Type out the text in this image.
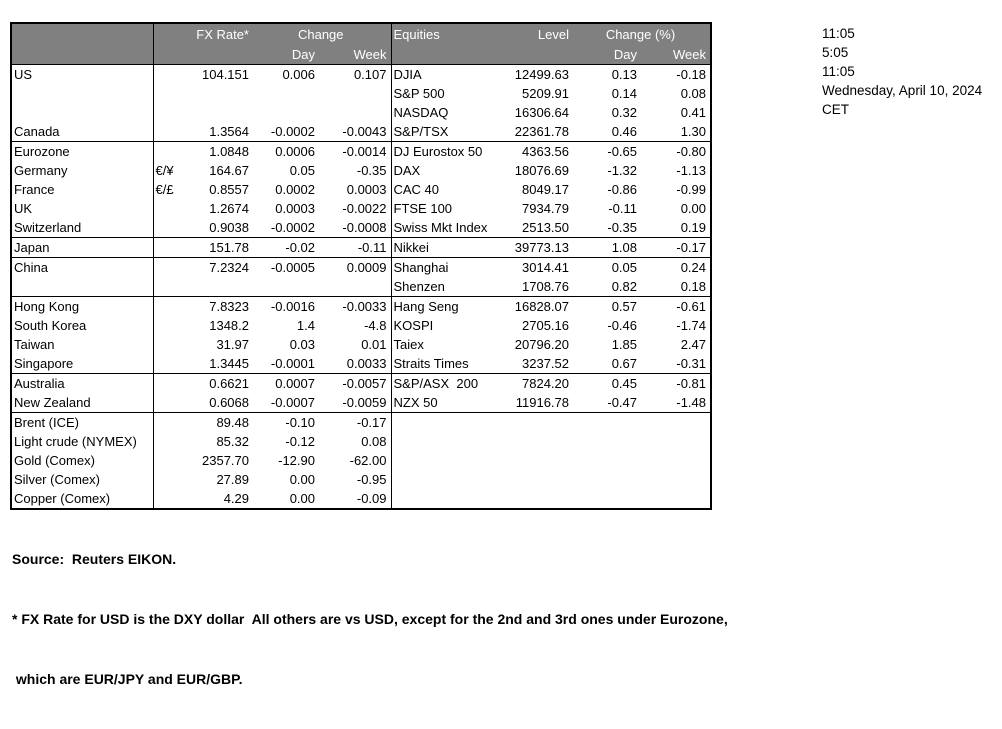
		FX Rate*	Change		Equities	Level	Change (%)	
			Day	Week			Day	Week
US		104.151	0.006	0.107	DJIA	12499.63	0.13	-0.18
					S&P 500	5209.91	0.14	0.08
					NASDAQ	16306.64	0.32	0.41
Canada		1.3564	-0.0002	-0.0043	S&P/TSX	22361.78	0.46	1.30
Eurozone		1.0848	0.0006	-0.0014	DJ Eurostox 50	4363.56	-0.65	-0.80
Germany	€/¥	164.67	0.05	-0.35	DAX	18076.69	-1.32	-1.13
France	€/£	0.8557	0.0002	0.0003	CAC 40	8049.17	-0.86	-0.99
UK		1.2674	0.0003	-0.0022	FTSE 100	7934.79	-0.11	0.00
Switzerland		0.9038	-0.0002	-0.0008	Swiss Mkt Index	2513.50	-0.35	0.19
Japan		151.78	-0.02	-0.11	Nikkei	39773.13	1.08	-0.17
China		7.2324	-0.0005	0.0009	Shanghai	3014.41	0.05	0.24
					Shenzen	1708.76	0.82	0.18
Hong Kong		7.8323	-0.0016	-0.0033	Hang Seng	16828.07	0.57	-0.61
South Korea		1348.2	1.4	-4.8	KOSPI	2705.16	-0.46	-1.74
Taiwan		31.97	0.03	0.01	Taiex	20796.20	1.85	2.47
Singapore		1.3445	-0.0001	0.0033	Straits Times	3237.52	0.67	-0.31
Australia		0.6621	0.0007	-0.0057	S&P/ASX  200	7824.20	0.45	-0.81
New Zealand		0.6068	-0.0007	-0.0059	NZX 50	11916.78	-0.47	-1.48
Brent (ICE)		89.48	-0.10	-0.17				
Light crude (NYMEX)		85.32	-0.12	0.08				
Gold (Comex)		2357.70	-12.90	-62.00				
Silver (Comex)		27.89	0.00	-0.95				
Copper (Comex)		4.29	0.00	-0.09				
11:05
5:05
11:05
Wednesday, April 10, 2024
CET

Source:  Reuters EIKON.

* FX Rate for USD is the DXY dollar  All others are vs USD, except for the 2nd and 3rd ones under Eurozone,

which are EUR/JPY and EUR/GBP.
